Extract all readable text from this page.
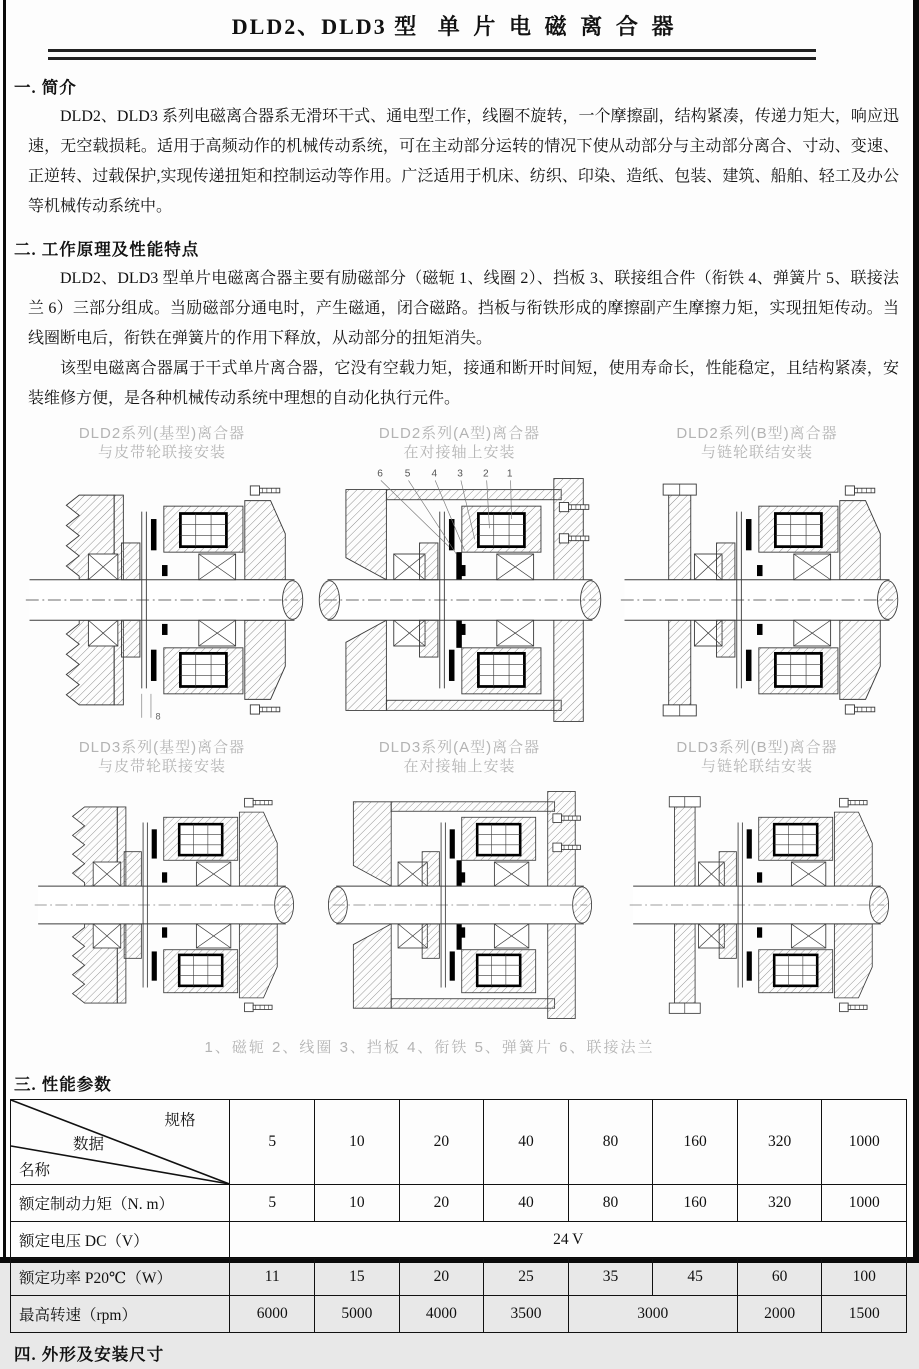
DLD2、DLD3 型 单片电磁离合器
一. 简介
DLD2、DLD3 系列电磁离合器系无滑环干式、通电型工作，线圈不旋转，一个摩擦副，结构紧凑，传递力矩大，响应迅速，无空载损耗。适用于高频动作的机械传动系统，可在主动部分运转的情况下使从动部分与主动部分离合、寸动、变速、正逆转、过载保护,实现传递扭矩和控制运动等作用。广泛适用于机床、纺织、印染、造纸、包装、建筑、船舶、轻工及办公等机械传动系统中。
二. 工作原理及性能特点
DLD2、DLD3 型单片电磁离合器主要有励磁部分（磁轭 1、线圈 2）、挡板 3、联接组合件（衔铁 4、弹簧片 5、联接法兰 6）三部分组成。当励磁部分通电时，产生磁通，闭合磁路。挡板与衔铁形成的摩擦副产生摩擦力矩，实现扭矩传动。当线圈断电后，衔铁在弹簧片的作用下释放，从动部分的扭矩消失。
该型电磁离合器属于干式单片离合器，它没有空载力矩，接通和断开时间短，使用寿命长，性能稳定，且结构紧凑，安装维修方便，是各种机械传动系统中理想的自动化执行元件。
DLD2系列(基型)离合器
与皮带轮联接安装
8
DLD2系列(A型)离合器
在对接轴上安装
6 5 4 3 2 1
DLD2系列(B型)离合器
与链轮联结安装
DLD3系列(基型)离合器
与皮带轮联接安装
DLD3系列(A型)离合器
在对接轴上安装
DLD3系列(B型)离合器
与链轮联结安装
1、磁轭 2、线圈 3、挡板 4、衔铁 5、弹簧片 6、联接法兰
三. 性能参数
规格
数据
名称	5	10	20	40	80	160	320	1000
额定制动力矩（N. m）	5	10	20	40	80	160	320	1000
额定电压 DC（V）	24 V							
额定功率 P20℃（W）	11	15	20	25	35	45	60	100
最高转速（rpm）	6000	5000	4000	3500	3000		2000	1500
四. 外形及安装尺寸
